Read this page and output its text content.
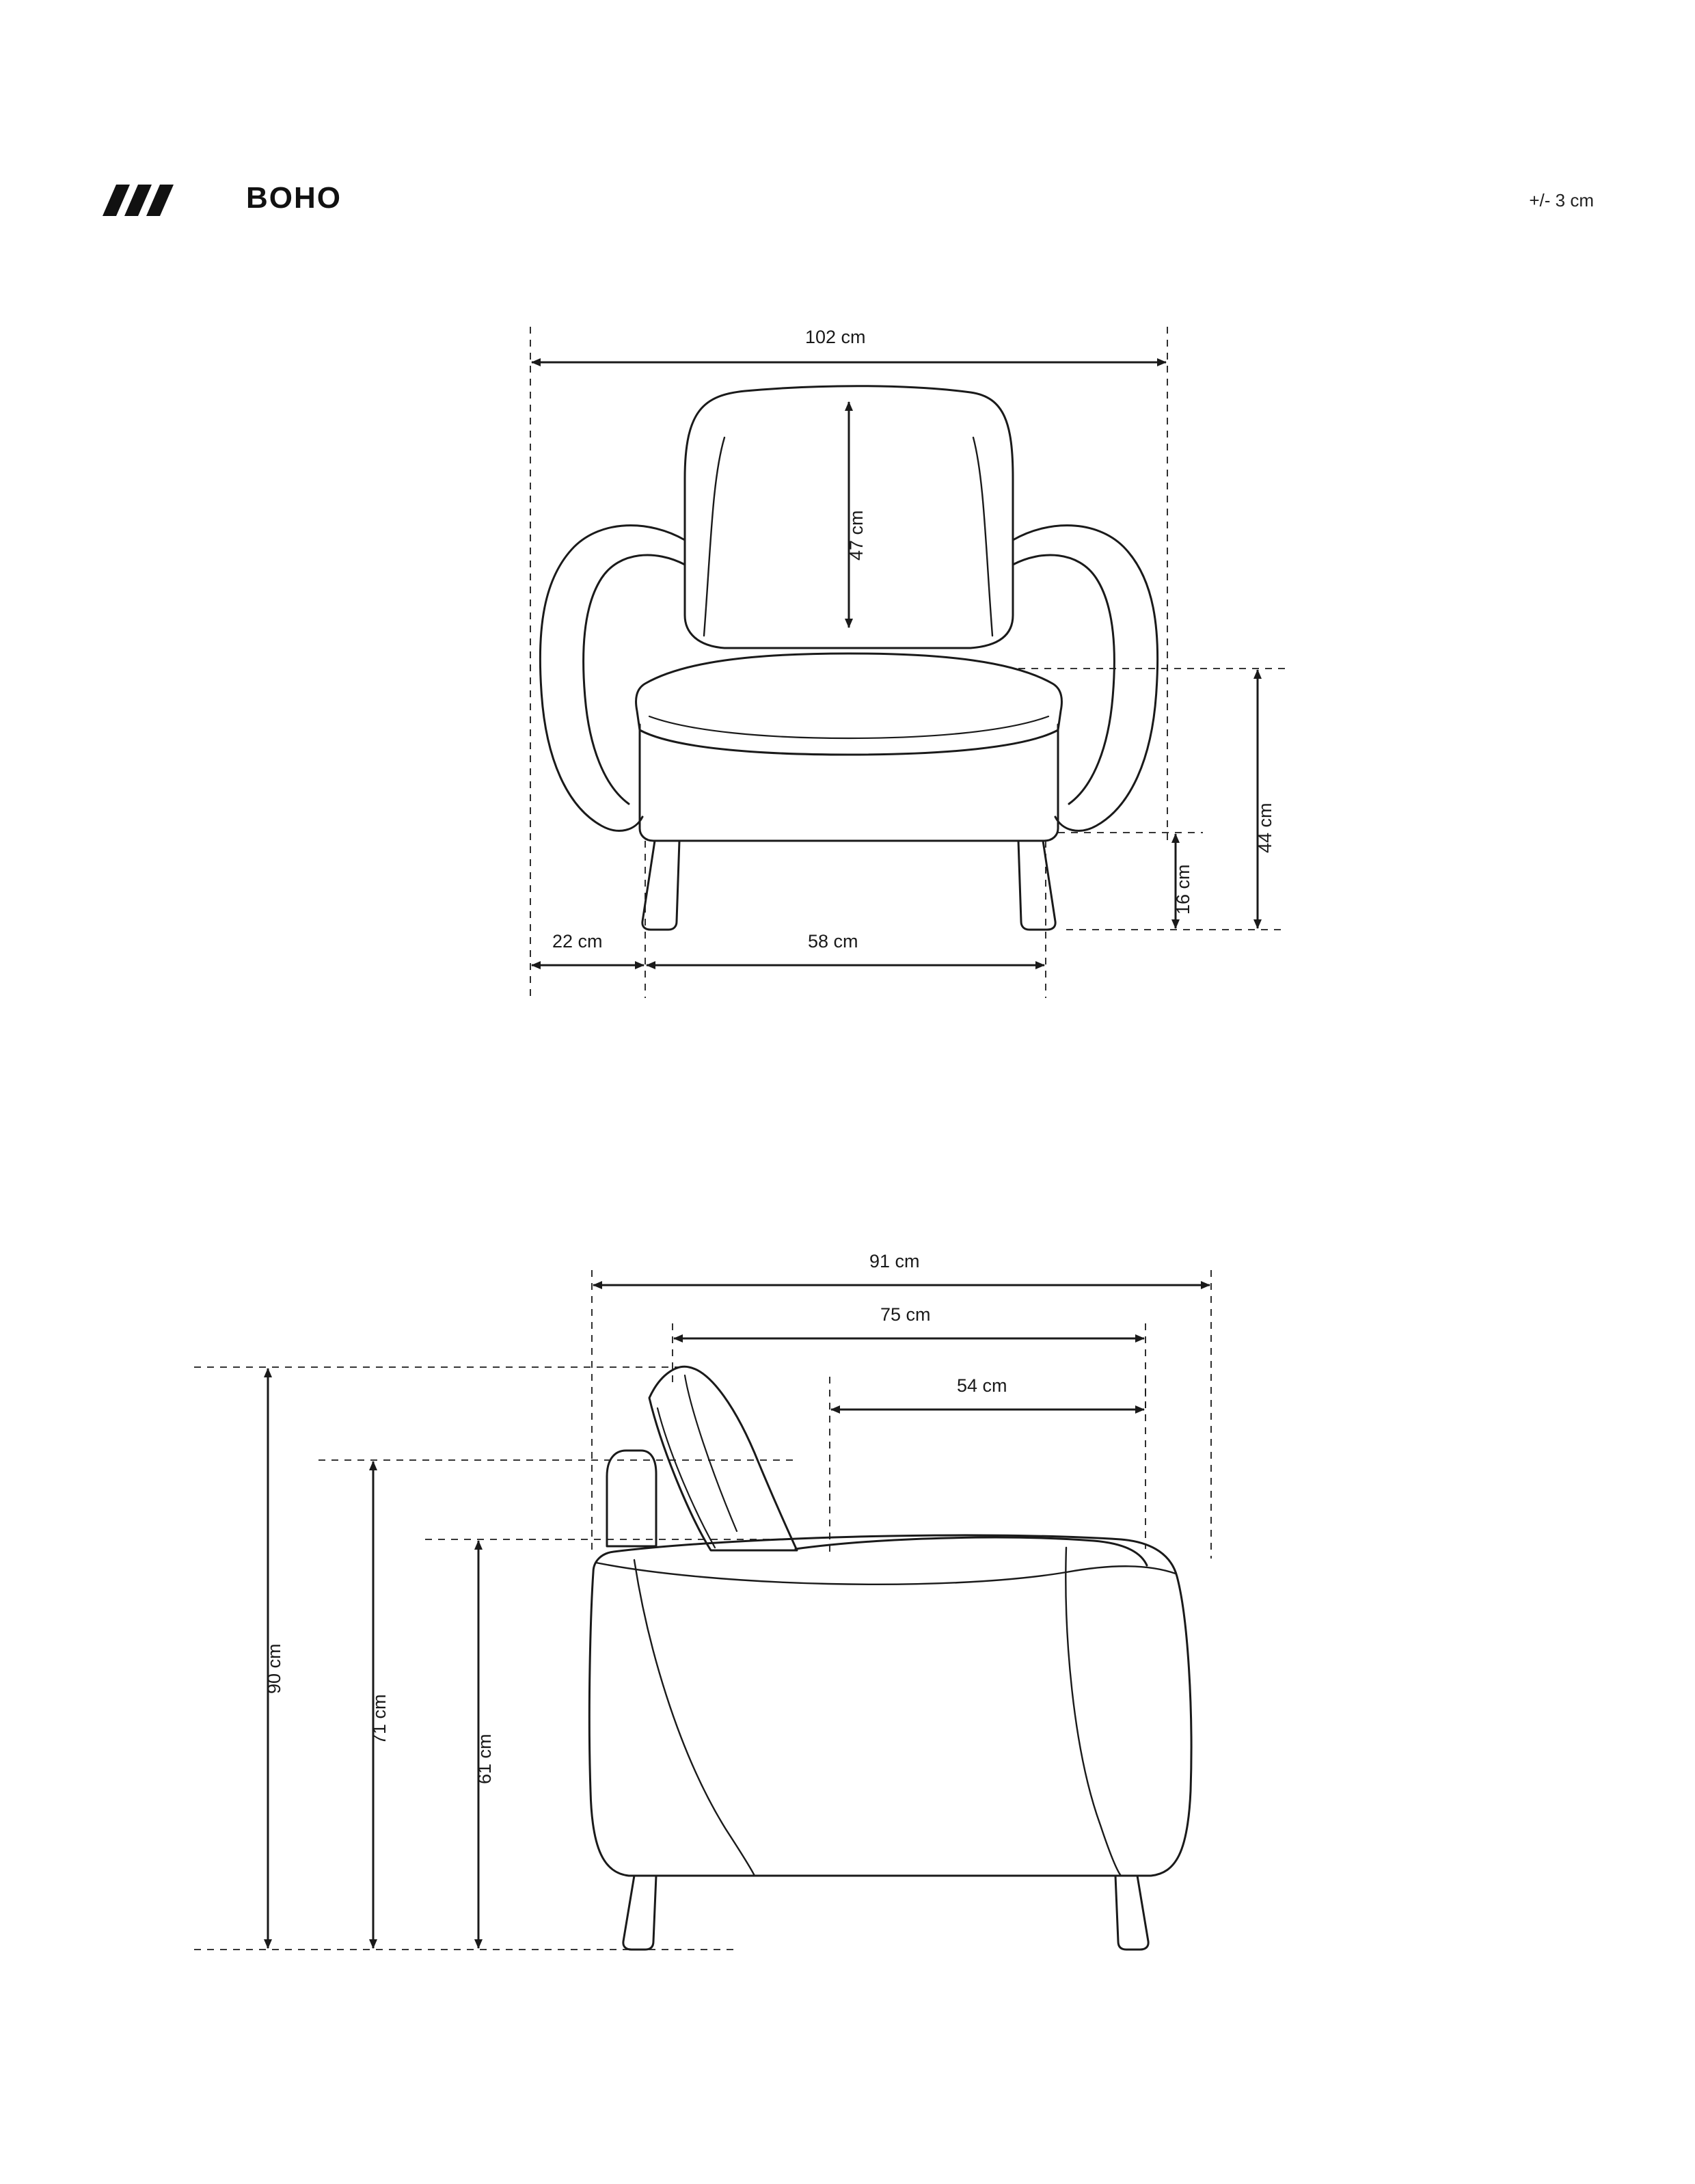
BOHO	+/- 3 cm
102 cm
47 cm
44 cm
16 cm
22 cm	58 cm
91 cm
75 cm
54 cm
90 cm
71 cm
61 cm
